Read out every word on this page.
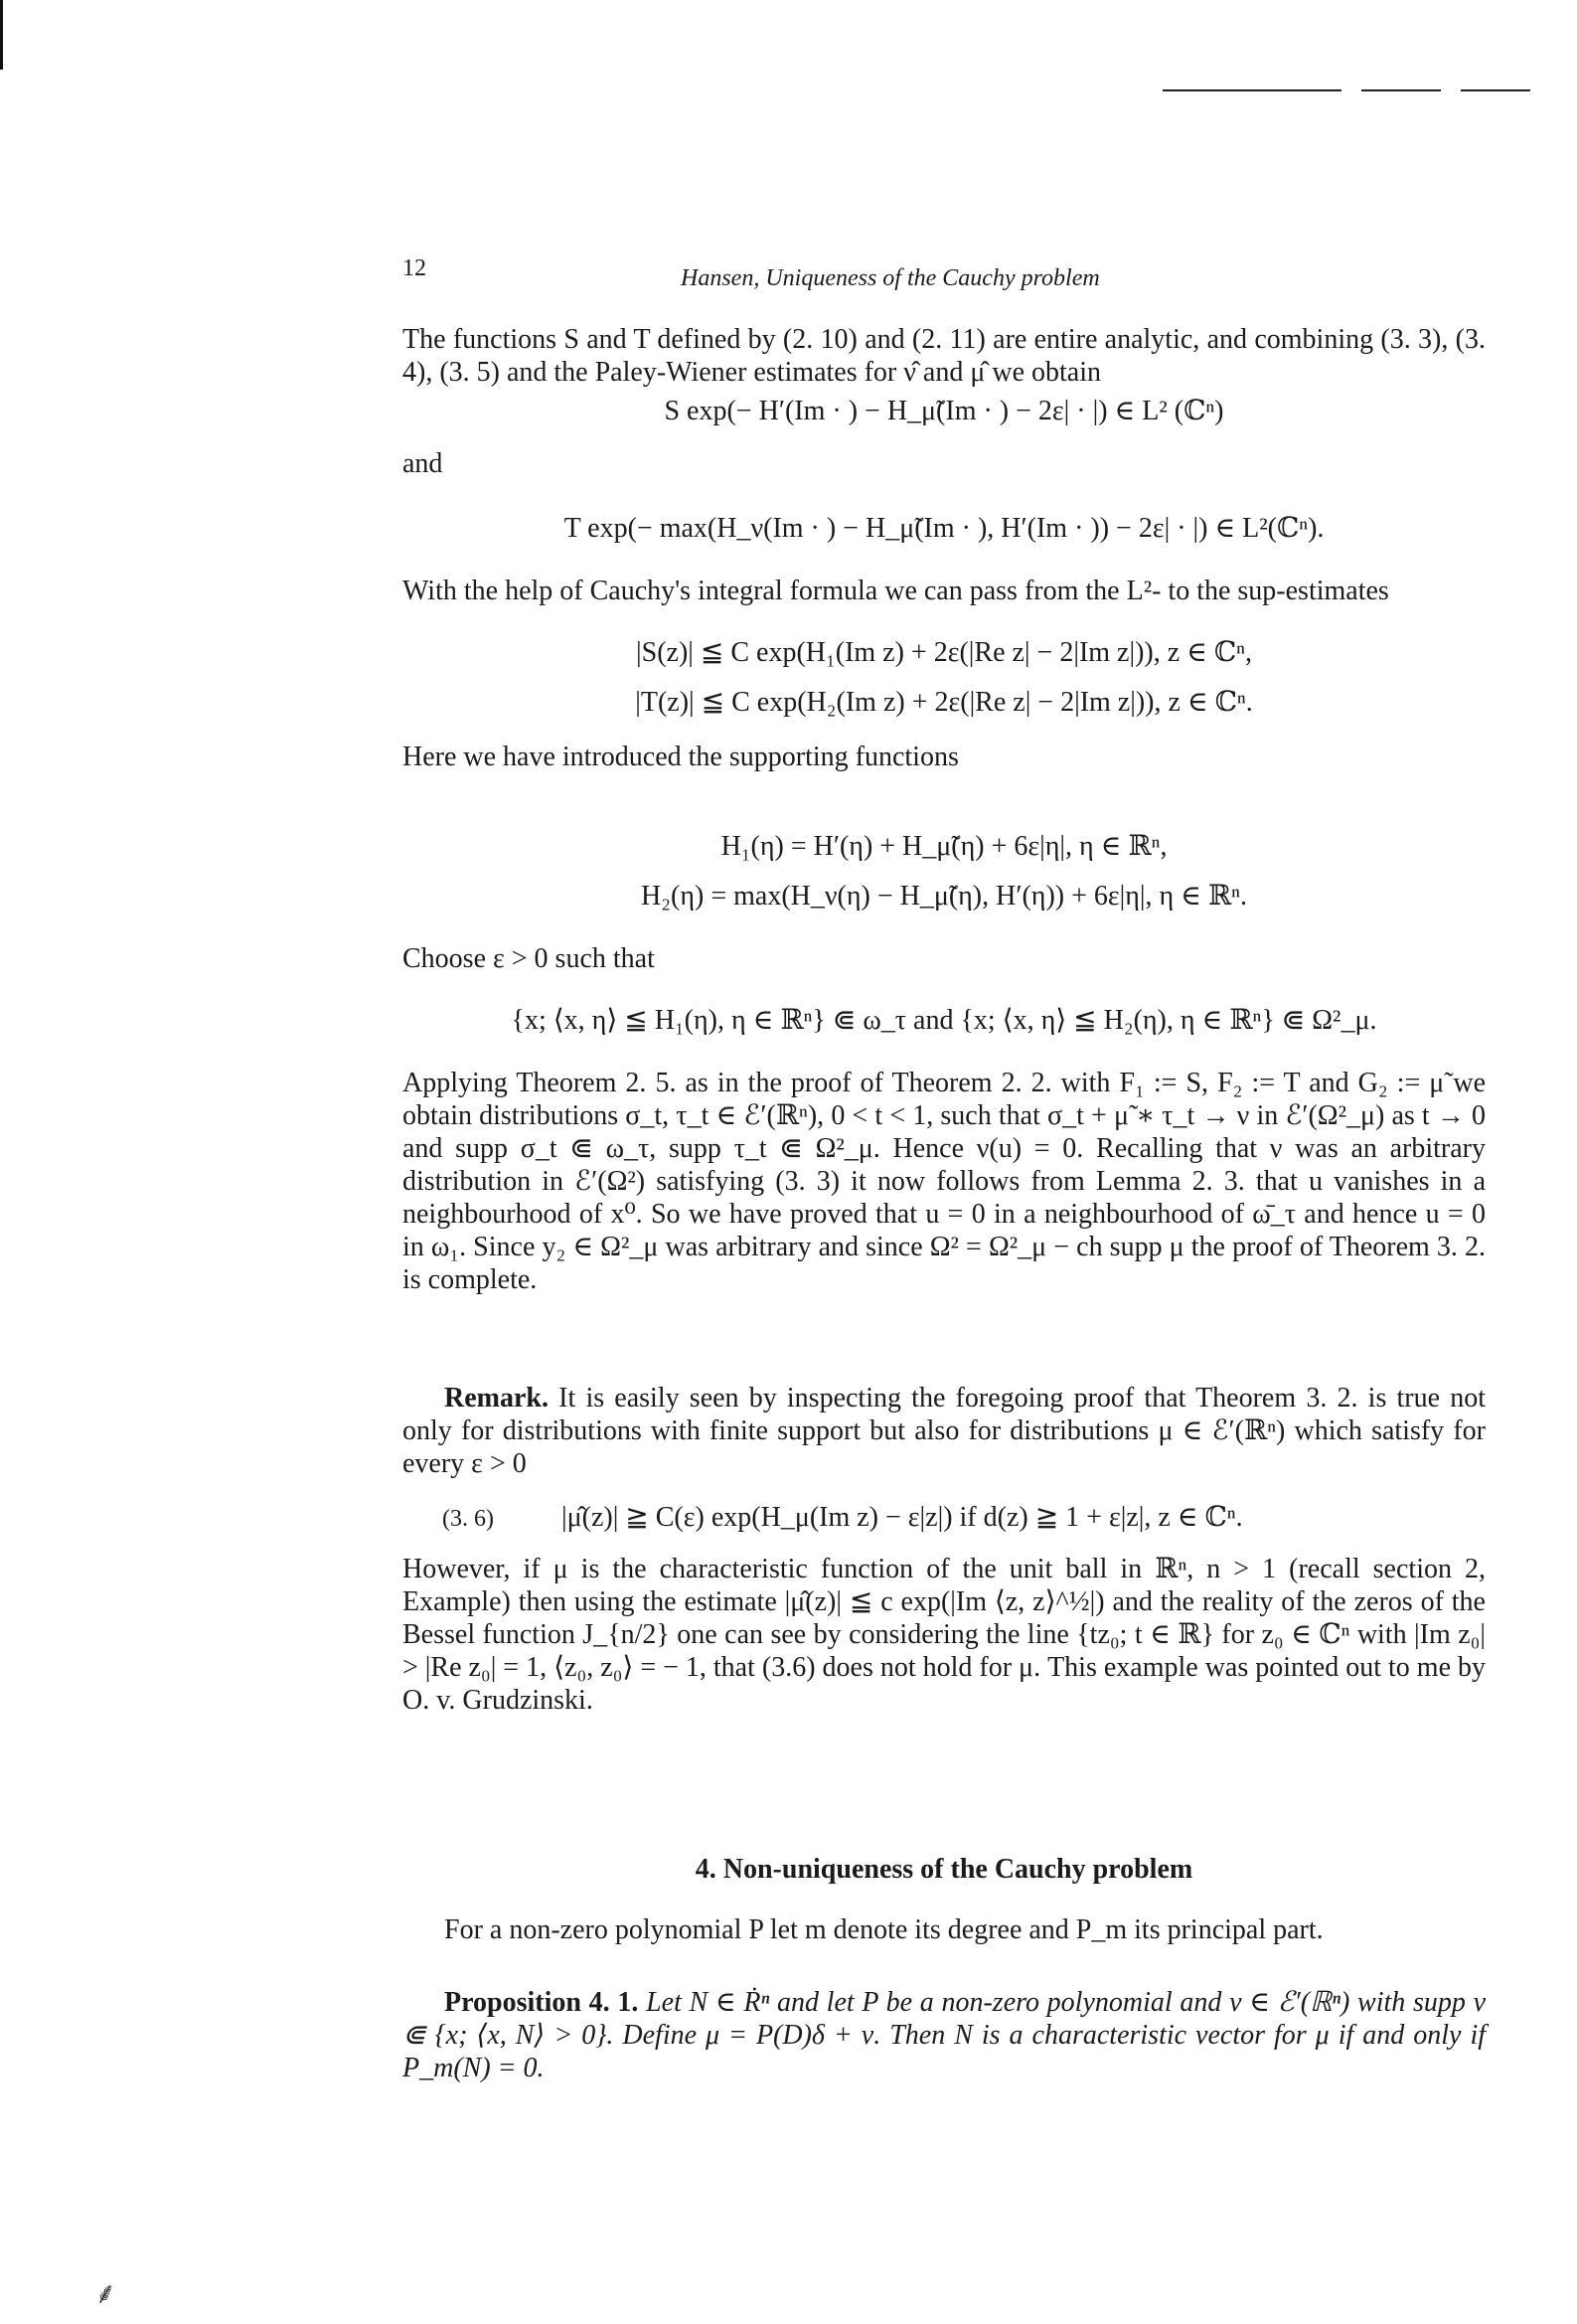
12	Hansen, Uniqueness of the Cauchy problem

The functions S and T defined by (2. 10) and (2. 11) are entire analytic, and combining (3. 3), (3. 4), (3. 5) and the Paley-Wiener estimates for ν̂ and μ̂ we obtain

S exp(− H′(Im · ) − H_μ̃(Im · ) − 2ε| · |) ∈ L² (ℂⁿ)
and
T exp(− max(H_ν(Im · ) − H_μ̃(Im · ), H′(Im · )) − 2ε| · |) ∈ L²(ℂⁿ).

With the help of Cauchy's integral formula we can pass from the L²- to the sup-estimates

|S(z)| ≦ C exp(H₁(Im z) + 2ε(|Re z| − 2|Im z|)), z ∈ ℂⁿ,
|T(z)| ≦ C exp(H₂(Im z) + 2ε(|Re z| − 2|Im z|)), z ∈ ℂⁿ.

Here we have introduced the supporting functions

H₁(η) = H′(η) + H_μ̃(η) + 6ε|η|, η ∈ ℝⁿ,
H₂(η) = max(H_ν(η) − H_μ̃(η), H′(η)) + 6ε|η|, η ∈ ℝⁿ.

Choose ε > 0 such that

{x; ⟨x, η⟩ ≦ H₁(η), η ∈ ℝⁿ} ⋐ ω_τ and {x; ⟨x, η⟩ ≦ H₂(η), η ∈ ℝⁿ} ⋐ Ω²_μ.

Applying Theorem 2. 5. as in the proof of Theorem 2. 2. with F₁ := S, F₂ := T and G₂ := μ̃ we obtain distributions σ_t, τ_t ∈ ℰ′(ℝⁿ), 0 < t < 1, such that σ_t + μ̃ ∗ τ_t → ν in ℰ′(Ω²_μ) as t → 0 and supp σ_t ⋐ ω_τ, supp τ_t ⋐ Ω²_μ. Hence ν(u) = 0. Recalling that ν was an arbitrary distribution in ℰ′(Ω²) satisfying (3. 3) it now follows from Lemma 2. 3. that u vanishes in a neighbourhood of x⁰. So we have proved that u = 0 in a neighbourhood of ω̄_τ and hence u = 0 in ω₁. Since y₂ ∈ Ω²_μ was arbitrary and since Ω² = Ω²_μ − ch supp μ the proof of Theorem 3. 2. is complete.

Remark. It is easily seen by inspecting the foregoing proof that Theorem 3. 2. is true not only for distributions with finite support but also for distributions μ ∈ ℰ′(ℝⁿ) which satisfy for every ε > 0

(3. 6) |μ̂(z)| ≧ C(ε) exp(H_μ(Im z) − ε|z|) if d(z) ≧ 1 + ε|z|, z ∈ ℂⁿ.

However, if μ is the characteristic function of the unit ball in ℝⁿ, n > 1 (recall section 2, Example) then using the estimate |μ̂(z)| ≦ c exp(|Im ⟨z, z⟩^½|) and the reality of the zeros of the Bessel function J_{n/2} one can see by considering the line {tz₀; t ∈ ℝ} for z₀ ∈ ℂⁿ with |Im z₀| > |Re z₀| = 1, ⟨z₀, z₀⟩ = − 1, that (3.6) does not hold for μ. This example was pointed out to me by O. v. Grudzinski.

4. Non-uniqueness of the Cauchy problem

For a non-zero polynomial P let m denote its degree and P_m its principal part.

Proposition 4. 1. Let N ∈ Ṙⁿ and let P be a non-zero polynomial and ν ∈ ℰ′(ℝⁿ) with supp ν ⋐ {x; ⟨x, N⟩ > 0}. Define μ = P(D)δ + ν. Then N is a characteristic vector for μ if and only if P_m(N) = 0.

⸙
